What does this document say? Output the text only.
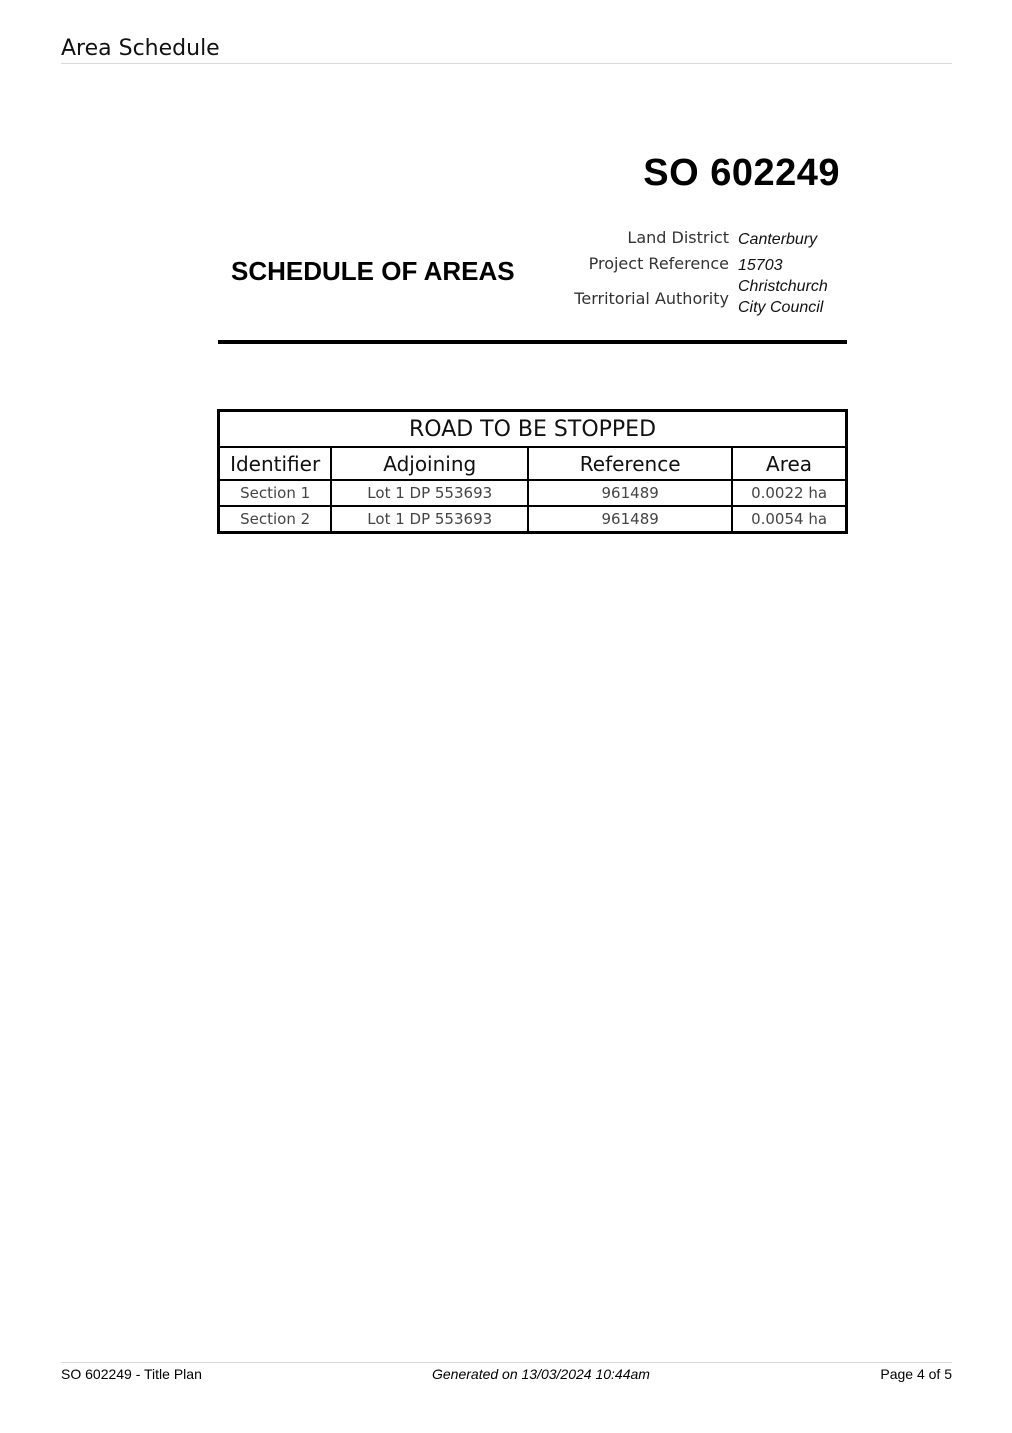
Area Schedule
SO 602249
SCHEDULE OF AREAS
Land District Canterbury
Project Reference 15703
Territorial Authority
Christchurch
City Council
ROAD TO BE STOPPED			
Identifier	Adjoining	Reference	Area
Section 1	Lot 1 DP 553693	961489	0.0022 ha
Section 2	Lot 1 DP 553693	961489	0.0054 ha
SO 602249 - Title Plan	Generated on 13/03/2024 10:44am	Page 4 of 5
